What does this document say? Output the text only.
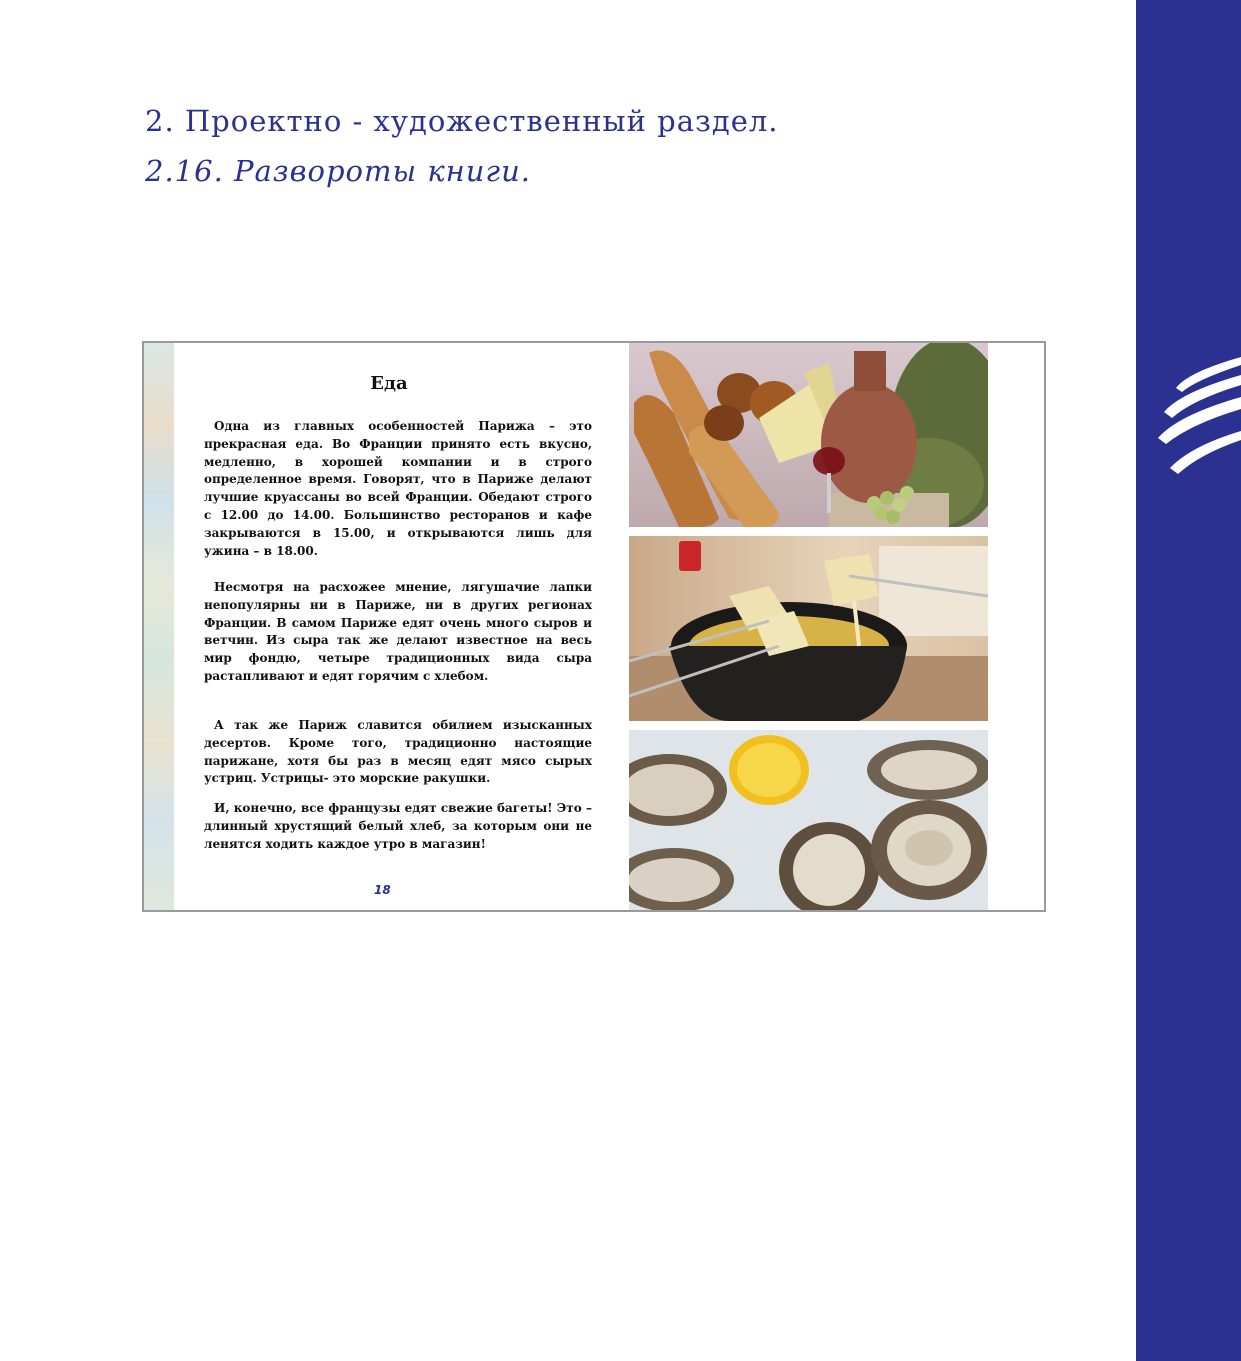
2. Проектно - художественный раздел.
2.16. Развороты книги.
Еда

Одна из главных особенностей Парижа – это прекрасная еда. Во Франции принято есть вкусно, медленно, в хорошей компании и в строго определенное время. Говорят, что в Париже делают лучшие круассаны во всей Франции. Обедают строго с 12.00 до 14.00. Большинство ресторанов и кафе закрываются в 15.00, и открываются лишь для ужина – в 18.00.

Несмотря на расхожее мнение, лягушачие лапки непопулярны ни в Париже, ни в других регионах Франции. В самом Париже едят очень много сыров и ветчин. Из сыра так же делают известное на весь мир фондю, четыре традиционных вида сыра растапливают и едят горячим с хлебом.

А так же Париж славится обилием изысканных десертов. Кроме того, традиционно настоящие парижане, хотя бы раз в месяц едят мясо сырых устриц. Устрицы- это морские ракушки.

И, конечно, все французы едят свежие багеты! Это – длинный хрустящий белый хлеб, за которым они не ленятся ходить каждое утро в магазин!

18
